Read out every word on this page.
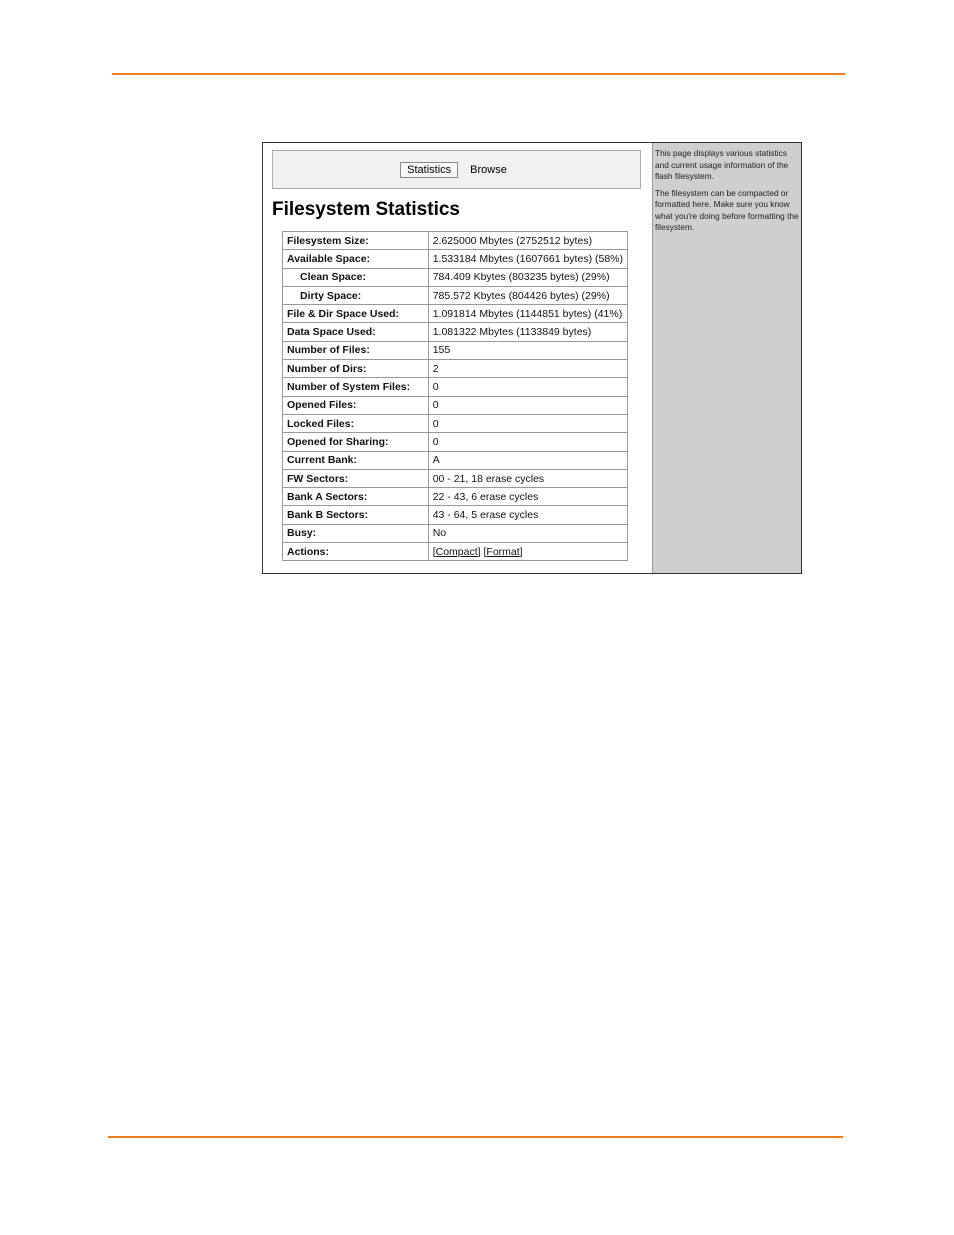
Statistics	Browse
Filesystem Statistics
Filesystem Size:	2.625000 Mbytes (2752512 bytes)
Available Space:	1.533184 Mbytes (1607661 bytes) (58%)
Clean Space:	784.409 Kbytes (803235 bytes) (29%)
Dirty Space:	785.572 Kbytes (804426 bytes) (29%)
File & Dir Space Used:	1.091814 Mbytes (1144851 bytes) (41%)
Data Space Used:	1.081322 Mbytes (1133849 bytes)
Number of Files:	155
Number of Dirs:	2
Number of System Files:	0
Opened Files:	0
Locked Files:	0
Opened for Sharing:	0
Current Bank:	A
FW Sectors:	00 - 21, 18 erase cycles
Bank A Sectors:	22 - 43, 6 erase cycles
Bank B Sectors:	43 - 64, 5 erase cycles
Busy:	No
Actions:	[Compact] [Format]

This page displays various statistics and current usage information of the flash filesystem.

The filesystem can be compacted or formatted here. Make sure you know what you're doing before formatting the filesystem.
